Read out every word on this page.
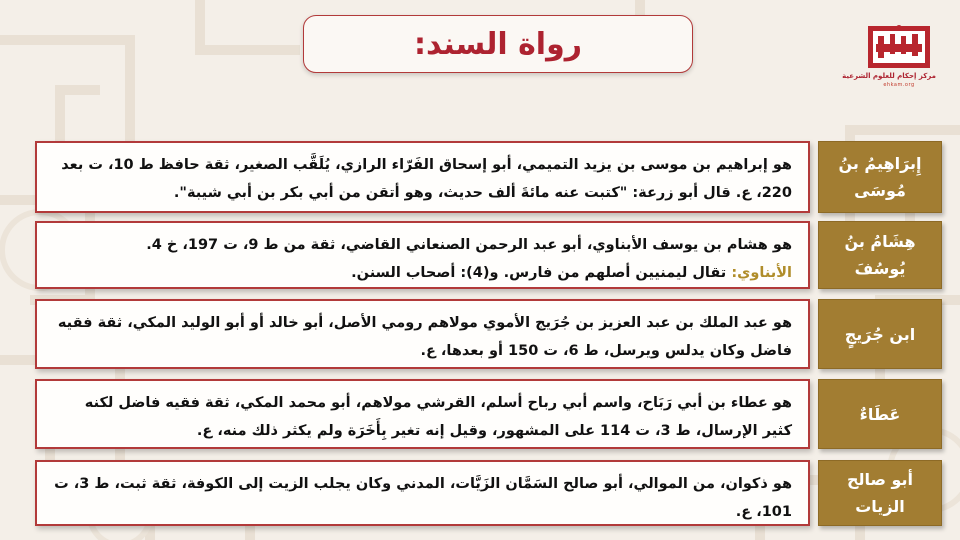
رواة السند:
مركز إحكام للعلوم الشرعية
ehkam.org
هو إبراهيم بن موسى بن يزيد التميمي، أبو إسحاق الفَرّاء الرازي، يُلَقَّب الصغير، ثقة حافظ ط 10، ت بعد 220، ع. قال أبو زرعة: "كتبت عنه مائةَ ألف حديث، وهو أتقن من أبي بكر بن أبي شيبة".
إِبرَاهِيمُ بنُ مُوسَى
هو هشام بن يوسف الأبناوي، أبو عبد الرحمن الصنعاني القاضي، ثقة من ط 9، ت 197، خ 4.
الأبناوي: تقال ليمنيين أصلهم من فارس. و(4): أصحاب السنن.
هِشَامُ بنُ يُوسُفَ
هو عبد الملك بن عبد العزيز بن جُرَيج الأموي مولاهم رومي الأصل، أبو خالد أو أبو الوليد المكي، ثقة فقيه فاضل وكان يدلس ويرسل، ط 6، ت 150 أو بعدها، ع.
ابن جُرَيجٍ
هو عطاء بن أبي رَبَاح، واسم أبي رباح أسلم، القرشي مولاهم، أبو محمد المكي، ثقة فقيه فاضل لكنه كثير الإرسال، ط 3، ت 114 على المشهور، وقيل إنه تغير بِأَخَرَة ولم يكثر ذلك منه، ع.
عَطَاءٌ
هو ذكوان، من الموالي، أبو صالح السَمَّان الزَيَّات، المدني وكان يجلب الزيت إلى الكوفة، ثقة ثبت، ط 3، ت 101، ع.
أبو صالح الزيات
